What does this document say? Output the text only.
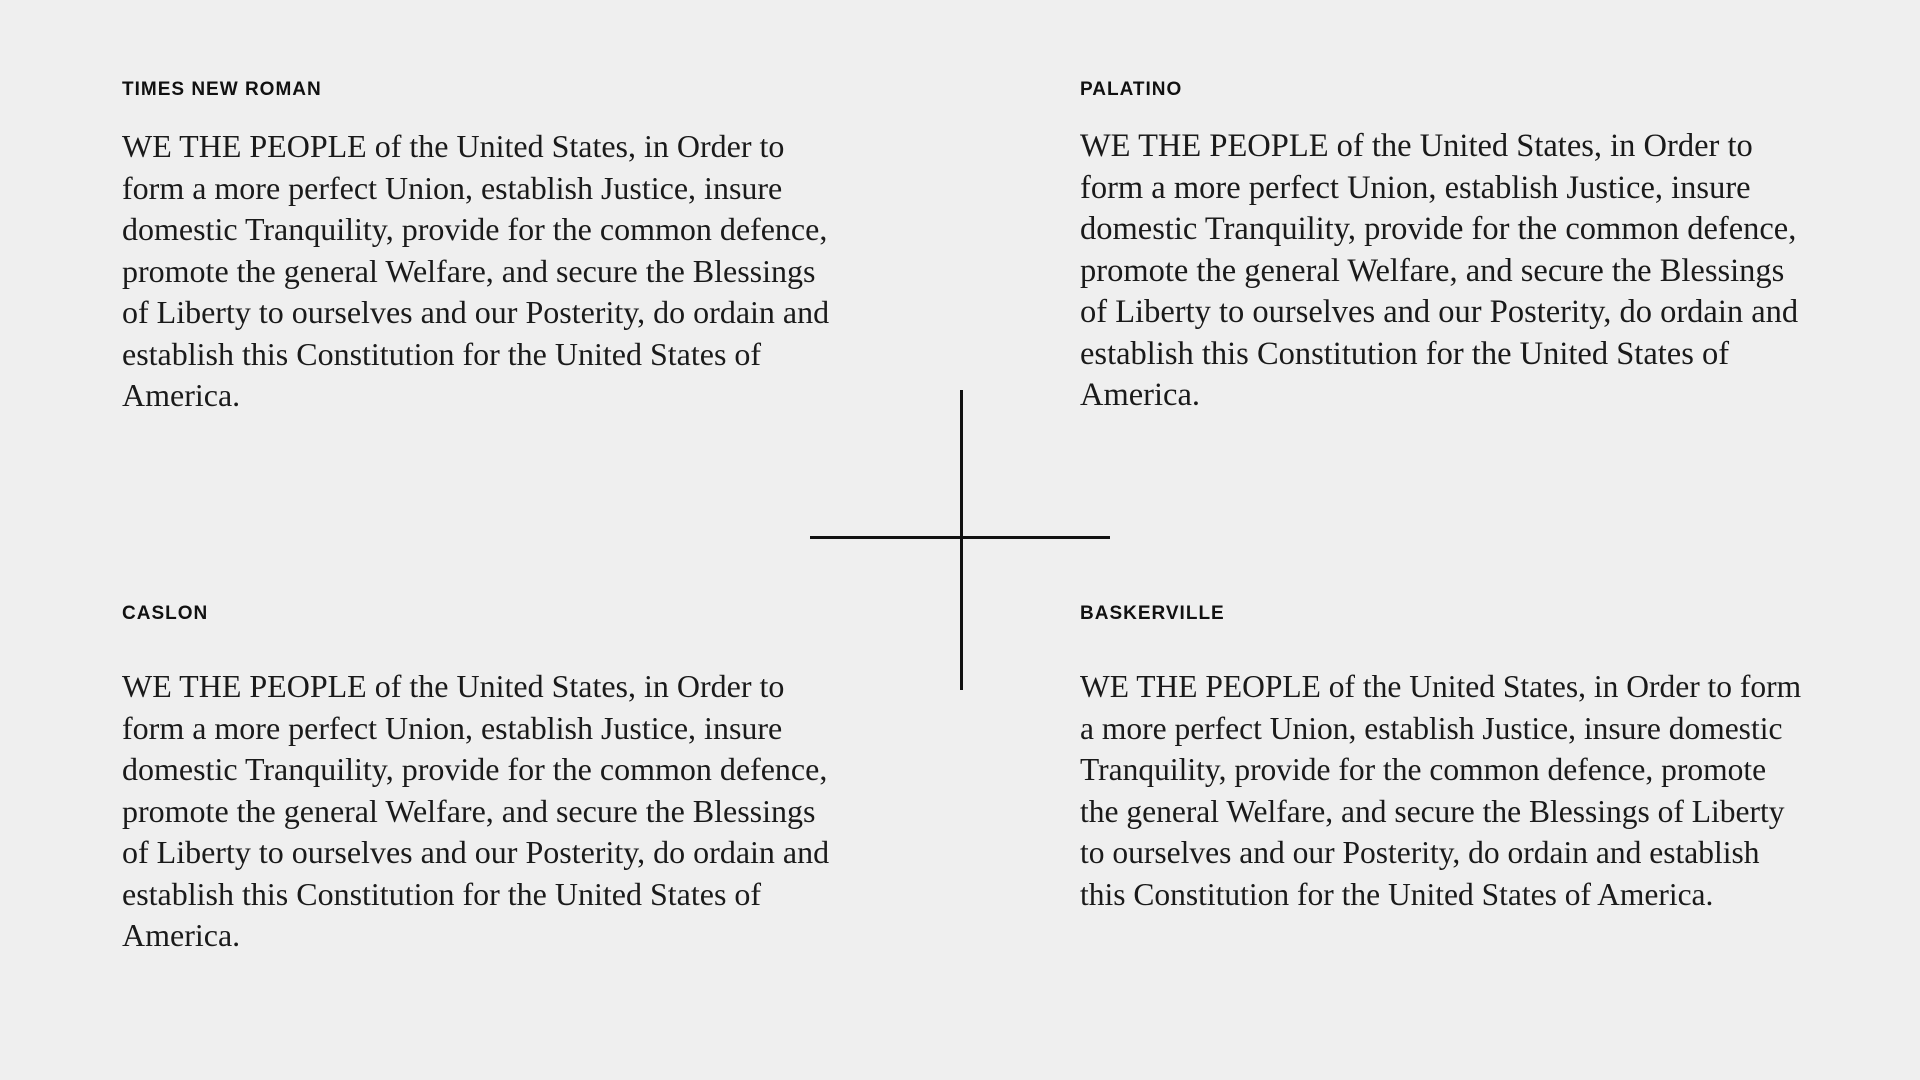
TIMES NEW ROMAN

WE THE PEOPLE of the United States, in Order to form a more perfect Union, establish Justice, insure domestic Tranquility, provide for the common defence, promote the general Welfare, and secure the Blessings of Liberty to ourselves and our Posterity, do ordain and establish this Constitution for the United States of America.

PALATINO

WE THE PEOPLE of the United States, in Order to form a more perfect Union, establish Justice, insure domestic Tranquility, provide for the common defence, promote the general Welfare, and secure the Blessings of Liberty to ourselves and our Posterity, do ordain and establish this Constitution for the United States of America.

CASLON

WE THE PEOPLE of the United States, in Order to form a more perfect Union, establish Justice, insure domestic Tranquility, provide for the common defence, promote the general Welfare, and secure the Blessings of Liberty to ourselves and our Posterity, do ordain and establish this Constitution for the United States of America.

BASKERVILLE

WE THE PEOPLE of the United States, in Order to form a more perfect Union, establish Justice, insure domestic Tranquility, provide for the common defence, promote the general Welfare, and secure the Blessings of Liberty to ourselves and our Posterity, do ordain and establish this Constitution for the United States of America.
